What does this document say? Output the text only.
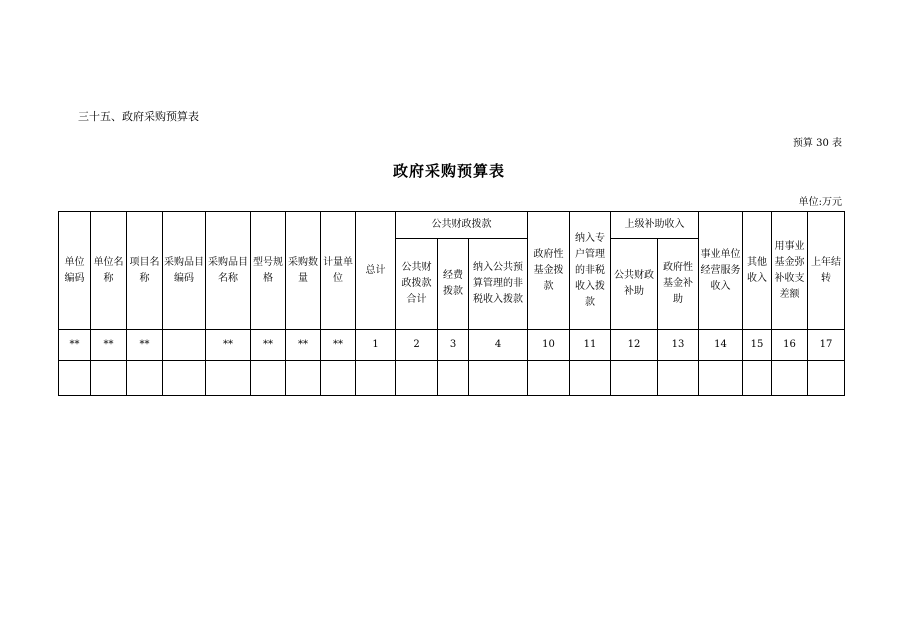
三十五、政府采购预算表
预算 30 表
政府采购预算表
单位:万元
单位编码	单位名称	项目名称	采购品目编码	采购品目名称	型号规格	采购数量	计量单位	总计	公共财政拨款			政府性基金拨款	纳入专户管理的非税收入拨款	上级补助收入		事业单位经营服务收入	其他收入	用事业基金弥补收支差额	上年结转
									公共财政拨款合计	经费拨款	纳入公共预算管理的非税收入拨款			公共财政补助	政府性基金补助				
**	**	**		**	**	**	**	1	2	3	4	10	11	12	13	14	15	16	17
